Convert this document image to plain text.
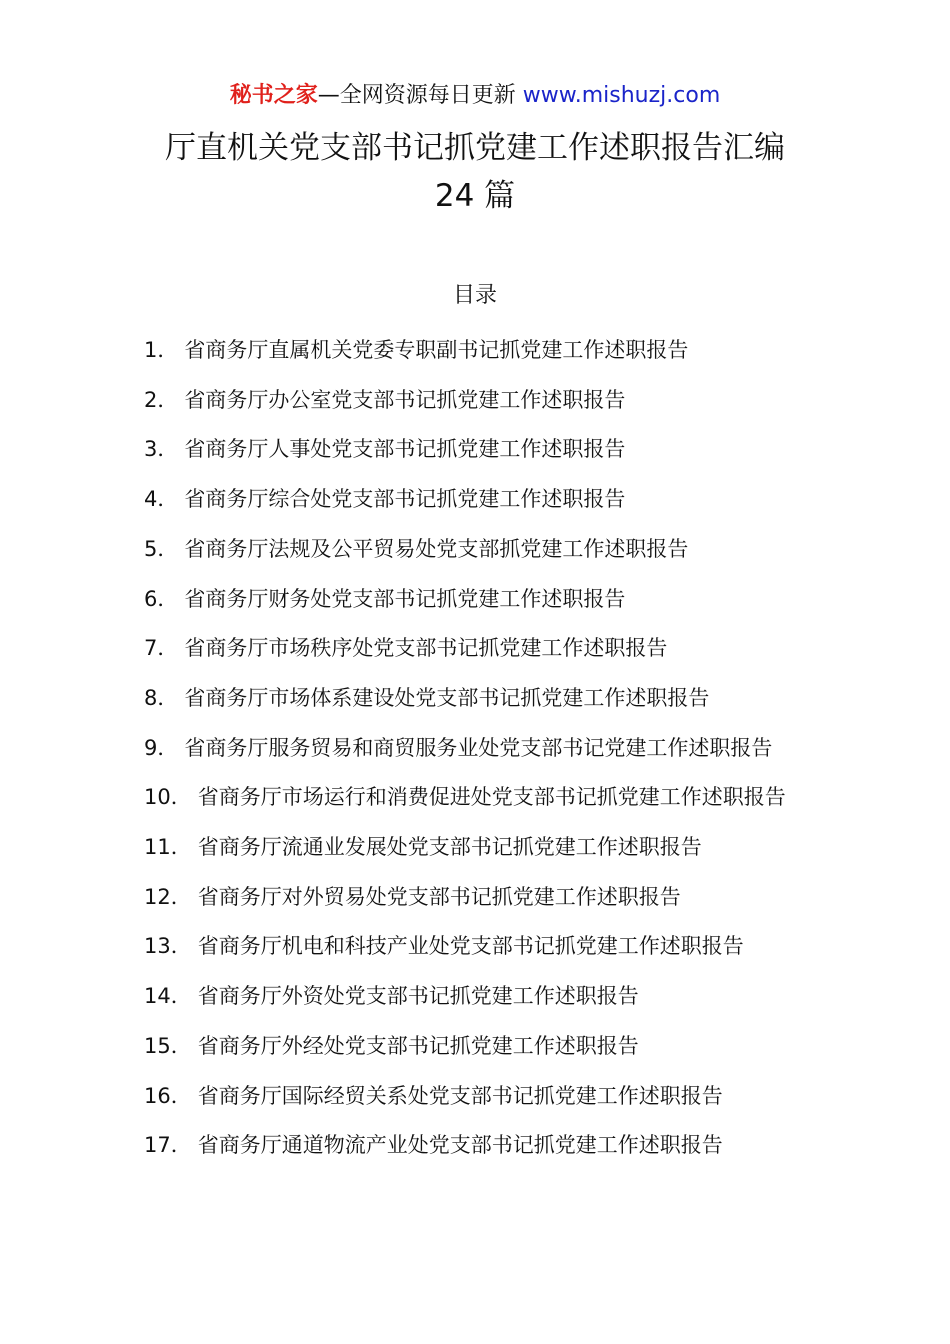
秘书之家—全网资源每日更新 www.mishuzj.com
厅直机关党支部书记抓党建工作述职报告汇编
24 篇
目录
1． 省商务厅直属机关党委专职副书记抓党建工作述职报告
2． 省商务厅办公室党支部书记抓党建工作述职报告
3． 省商务厅人事处党支部书记抓党建工作述职报告
4． 省商务厅综合处党支部书记抓党建工作述职报告
5． 省商务厅法规及公平贸易处党支部抓党建工作述职报告
6． 省商务厅财务处党支部书记抓党建工作述职报告
7． 省商务厅市场秩序处党支部书记抓党建工作述职报告
8． 省商务厅市场体系建设处党支部书记抓党建工作述职报告
9． 省商务厅服务贸易和商贸服务业处党支部书记党建工作述职报告
10． 省商务厅市场运行和消费促进处党支部书记抓党建工作述职报告
11． 省商务厅流通业发展处党支部书记抓党建工作述职报告
12． 省商务厅对外贸易处党支部书记抓党建工作述职报告
13． 省商务厅机电和科技产业处党支部书记抓党建工作述职报告
14． 省商务厅外资处党支部书记抓党建工作述职报告
15． 省商务厅外经处党支部书记抓党建工作述职报告
16． 省商务厅国际经贸关系处党支部书记抓党建工作述职报告
17． 省商务厅通道物流产业处党支部书记抓党建工作述职报告
